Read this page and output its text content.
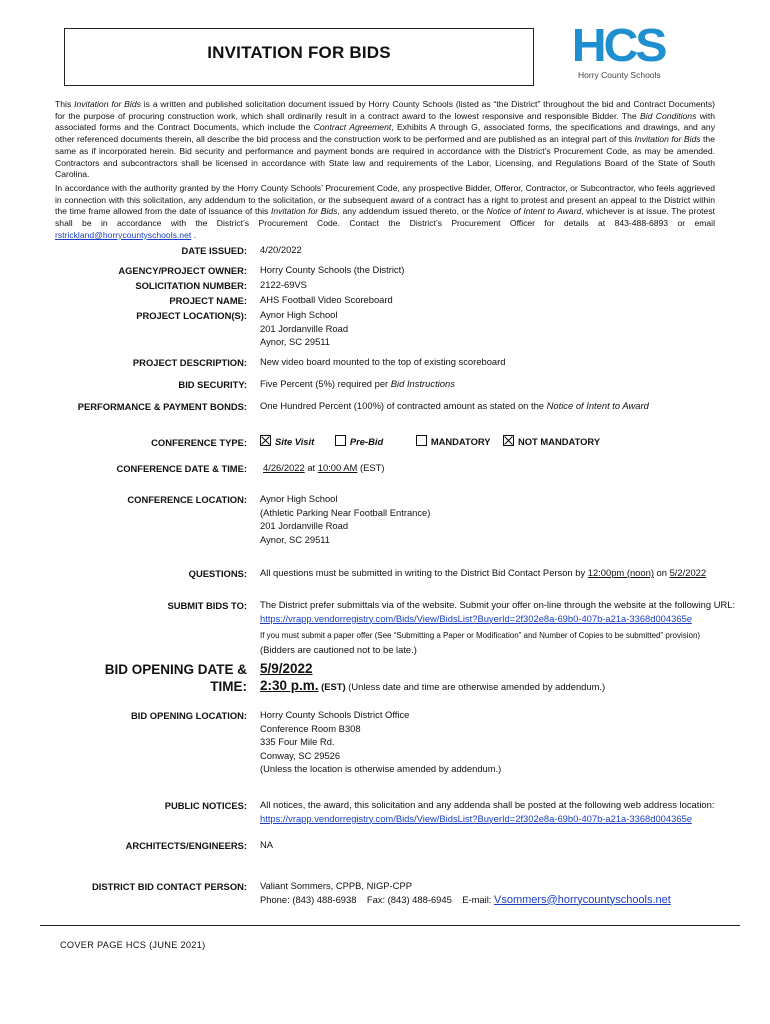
INVITATION FOR BIDS	HCS
Horry County Schools
This Invitation for Bids is a written and published solicitation document issued by Horry County Schools (listed as “the District” throughout the bid and Contract Documents) for the purpose of procuring construction work, which shall ordinarily result in a contract award to the lowest responsive and responsible Bidder. The Bid Conditions with associated forms and the Contract Documents, which include the Contract Agreement, Exhibits A through G, associated forms, the specifications and drawings, and any other referenced documents therein, all describe the bid process and the construction work to be performed and are published as an integral part of this Invitation for Bids the same as if incorporated herein. Bid security and performance and payment bonds are required in accordance with the District’s Procurement Code, as may be amended. Contractors and subcontractors shall be licensed in accordance with State law and requirements of the Labor, Licensing, and Regulations Board of the State of South Carolina.
In accordance with the authority granted by the Horry County Schools’ Procurement Code, any prospective Bidder, Offeror, Contractor, or Subcontractor, who feels aggrieved in connection with this solicitation, any addendum to the solicitation, or the subsequent award of a contract has a right to protest and present an appeal to the District within the time frame allowed from the date of issuance of this Invitation for Bids, any addendum issued thereto, or the Notice of Intent to Award, whichever is at issue. The protest shall be in accordance with the District’s Procurement Code. Contact the District’s Procurement Officer for details at 843-488-6893 or email rstrickland@horrycountyschools.net .
DATE ISSUED: 4/20/2022
AGENCY/PROJECT OWNER: Horry County Schools (the District)
SOLICITATION NUMBER: 2122-69VS
PROJECT NAME: AHS Football Video Scoreboard
PROJECT LOCATION(S): Aynor High School
201 Jordanville Road
Aynor, SC 29511
PROJECT DESCRIPTION: New video board mounted to the top of existing scoreboard
BID SECURITY: Five Percent (5%) required per Bid Instructions
PERFORMANCE & PAYMENT BONDS: One Hundred Percent (100%) of contracted amount as stated on the Notice of Intent to Award
CONFERENCE TYPE:	Site Visit	Pre-Bid	MANDATORY	NOT MANDATORY
CONFERENCE DATE & TIME: 4/26/2022 at 10:00 AM (EST)
CONFERENCE LOCATION: Aynor High School
(Athletic Parking Near Football Entrance)
201 Jordanville Road
Aynor, SC 29511
QUESTIONS: All questions must be submitted in writing to the District Bid Contact Person by 12:00pm (noon) on 5/2/2022
SUBMIT BIDS TO: The District prefer submittals via of the website. Submit your offer on-line through the website at the following URL:
https://vrapp.vendorregistry.com/Bids/View/BidsList?BuyerId=2f302e8a-69b0-407b-a21a-3368d004365e
If you must submit a paper offer (See “Submitting a Paper or Modification” and Number of Copies to be submitted” provision)
(Bidders are cautioned not to be late.)
BID OPENING DATE &
TIME:
5/9/2022
2:30 p.m. (EST) (Unless date and time are otherwise amended by addendum.)
BID OPENING LOCATION: Horry County Schools District Office
Conference Room B308
335 Four Mile Rd.
Conway, SC 29526
(Unless the location is otherwise amended by addendum.)
PUBLIC NOTICES: All notices, the award, this solicitation and any addenda shall be posted at the following web address location:
https://vrapp.vendorregistry.com/Bids/View/BidsList?BuyerId=2f302e8a-69b0-407b-a21a-3368d004365e
ARCHITECTS/ENGINEERS: NA
DISTRICT BID CONTACT PERSON: Valiant Sommers, CPPB, NIGP-CPP
Phone: (843) 488-6938    Fax: (843) 488-6945    E-mail: Vsommers@horrycountyschools.net
COVER PAGE HCS (JUNE 2021)
